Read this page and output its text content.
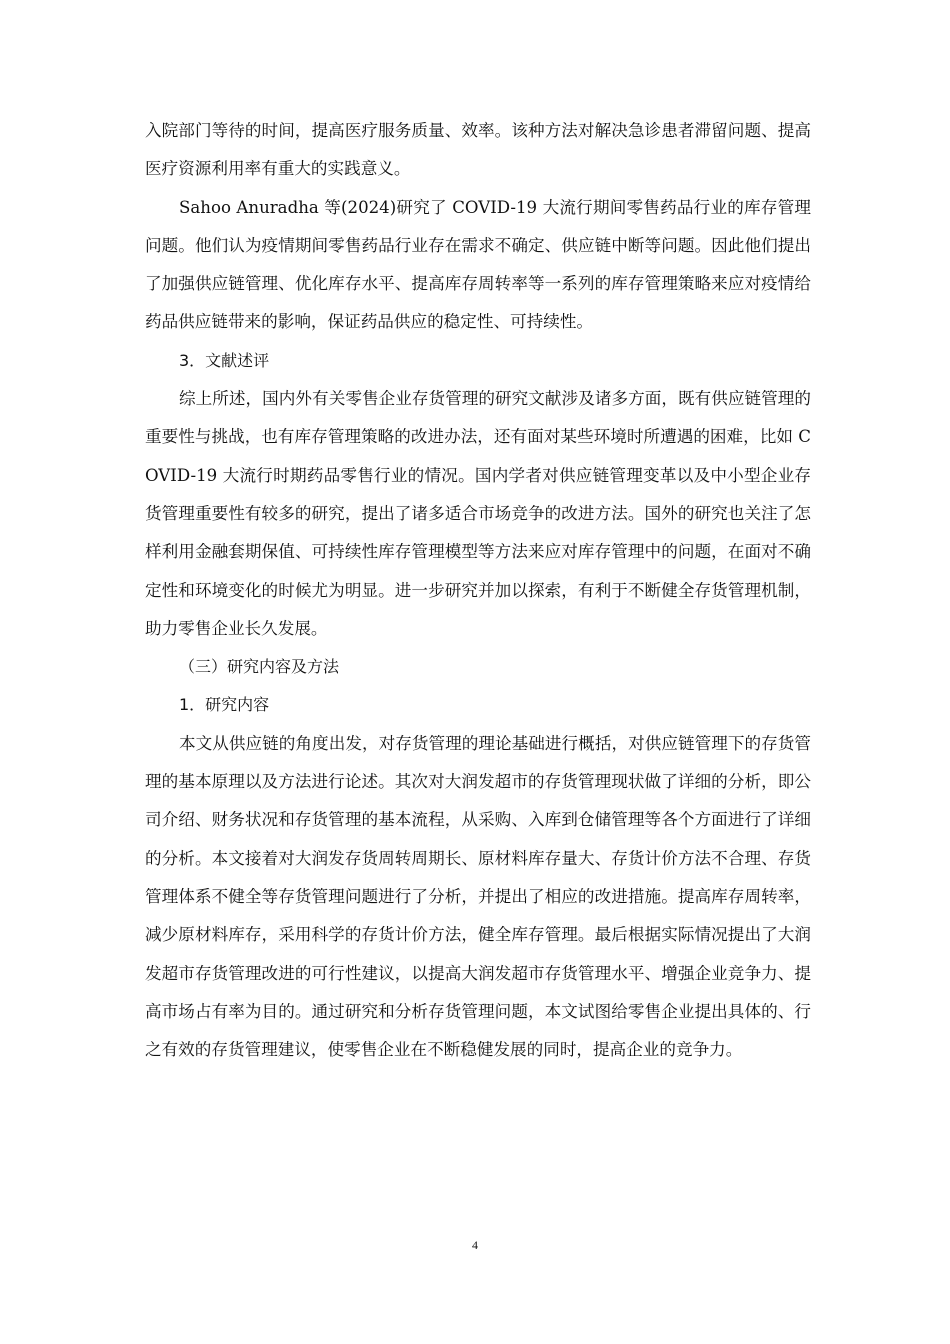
入院部门等待的时间，提高医疗服务质量、效率。该种方法对解决急诊患者滞留问题、提高医疗资源利用率有重大的实践意义。

Sahoo Anuradha 等(2024)研究了 COVID-19 大流行期间零售药品行业的库存管理问题。他们认为疫情期间零售药品行业存在需求不确定、供应链中断等问题。因此他们提出了加强供应链管理、优化库存水平、提高库存周转率等一系列的库存管理策略来应对疫情给药品供应链带来的影响，保证药品供应的稳定性、可持续性。

3．文献述评

综上所述，国内外有关零售企业存货管理的研究文献涉及诸多方面，既有供应链管理的重要性与挑战，也有库存管理策略的改进办法，还有面对某些环境时所遭遇的困难，比如 COVID-19 大流行时期药品零售行业的情况。国内学者对供应链管理变革以及中小型企业存货管理重要性有较多的研究，提出了诸多适合市场竞争的改进方法。国外的研究也关注了怎样利用金融套期保值、可持续性库存管理模型等方法来应对库存管理中的问题，在面对不确定性和环境变化的时候尤为明显。进一步研究并加以探索，有利于不断健全存货管理机制，助力零售企业长久发展。

（三）研究内容及方法

1．研究内容

本文从供应链的角度出发，对存货管理的理论基础进行概括，对供应链管理下的存货管理的基本原理以及方法进行论述。其次对大润发超市的存货管理现状做了详细的分析，即公司介绍、财务状况和存货管理的基本流程，从采购、入库到仓储管理等各个方面进行了详细的分析。本文接着对大润发存货周转周期长、原材料库存量大、存货计价方法不合理、存货管理体系不健全等存货管理问题进行了分析，并提出了相应的改进措施。提高库存周转率，减少原材料库存，采用科学的存货计价方法，健全库存管理。最后根据实际情况提出了大润发超市存货管理改进的可行性建议，以提高大润发超市存货管理水平、增强企业竞争力、提高市场占有率为目的。通过研究和分析存货管理问题，本文试图给零售企业提出具体的、行之有效的存货管理建议，使零售企业在不断稳健发展的同时，提高企业的竞争力。

4
